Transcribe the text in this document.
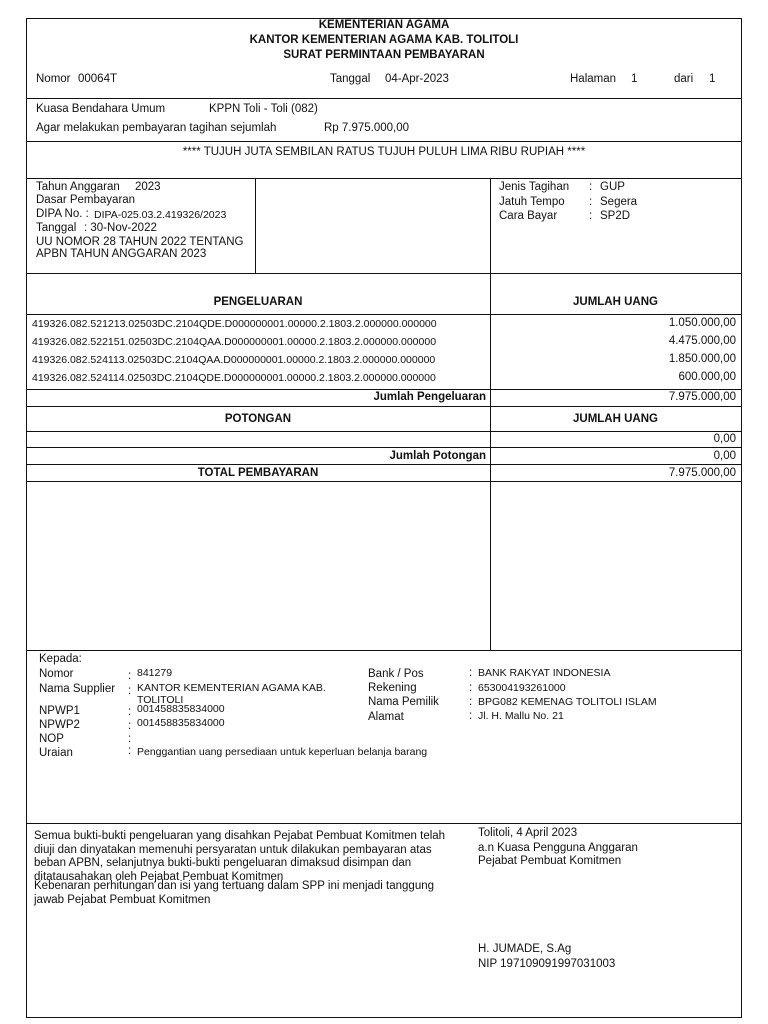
KEMENTERIAN AGAMA
KANTOR KEMENTERIAN AGAMA KAB. TOLITOLI
SURAT PERMINTAAN PEMBAYARAN
Nomor 00064T	Tanggal 04-Apr-2023	Halaman 1	dari 1
Kuasa Bendahara Umum	KPPN Toli - Toli (082)
Agar melakukan pembayaran tagihan sejumlah	Rp 7.975.000,00
**** TUJUH JUTA SEMBILAN RATUS TUJUH PULUH LIMA RIBU RUPIAH ****
Tahun Anggaran 2023
Dasar Pembayaran
DIPA No. : DIPA-025.03.2.419326/2023
Tanggal : 30-Nov-2022
UU NOMOR 28 TAHUN 2022 TENTANG
APBN TAHUN ANGGARAN 2023
Jenis Tagihan : GUP
Jatuh Tempo : Segera
Cara Bayar	: SP2D
PENGELUARAN	JUMLAH UANG
419326.082.521213.02503DC.2104QDE.D000000001.00000.2.1803.2.000000.000000	1.050.000,00
419326.082.522151.02503DC.2104QAA.D000000001.00000.2.1803.2.000000.000000	4.475.000,00
419326.082.524113.02503DC.2104QAA.D000000001.00000.2.1803.2.000000.000000	1.850.000,00
419326.082.524114.02503DC.2104QDE.D000000001.00000.2.1803.2.000000.000000	600.000,00
Jumlah Pengeluaran	7.975.000,00
POTONGAN	JUMLAH UANG
0,00
Jumlah Potongan	0,00
TOTAL PEMBAYARAN	7.975.000,00
Kepada:
Nomor	: 841279
Nama Supplier : KANTOR KEMENTERIAN AGAMA KAB.
TOLITOLI
NPWP1	: 001458835834000
NPWP2	: 001458835834000
NOP	:
Uraian	: Penggantian uang persediaan untuk keperluan belanja barang
Bank / Pos	: BANK RAKYAT INDONESIA
Rekening	: 653004193261000
Nama Pemilik	: BPG082 KEMENAG TOLITOLI ISLAM
Alamat	: Jl. H. Mallu No. 21
Semua bukti-bukti pengeluaran yang disahkan Pejabat Pembuat Komitmen telah diuji dan dinyatakan memenuhi persyaratan untuk dilakukan pembayaran atas beban APBN, selanjutnya bukti-bukti pengeluaran dimaksud disimpan dan ditatausahakan oleh Pejabat Pembuat Komitmen
Kebenaran perhitungan dan isi yang tertuang dalam SPP ini menjadi tanggung jawab Pejabat Pembuat Komitmen
Tolitoli, 4 April 2023
a.n Kuasa Pengguna Anggaran
Pejabat Pembuat Komitmen
H. JUMADE, S.Ag
NIP 197109091997031003
